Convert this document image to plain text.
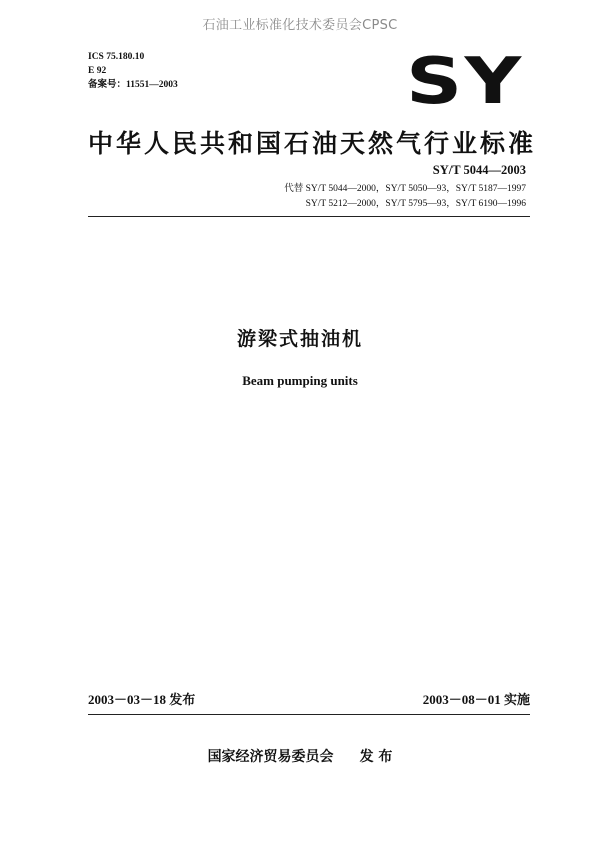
石油工业标准化技术委员会CPSC
ICS 75.180.10
E 92
备案号：11551—2003	SY
中华人民共和国石油天然气行业标准
SY/T 5044—2003
代替 SY/T 5044—2000，SY/T 5050—93，SY/T 5187—1997
SY/T 5212—2000，SY/T 5795—93，SY/T 6190—1996
游梁式抽油机
Beam pumping units
2003－03－18 发布	2003－08－01 实施
国家经济贸易委员会 发 布
